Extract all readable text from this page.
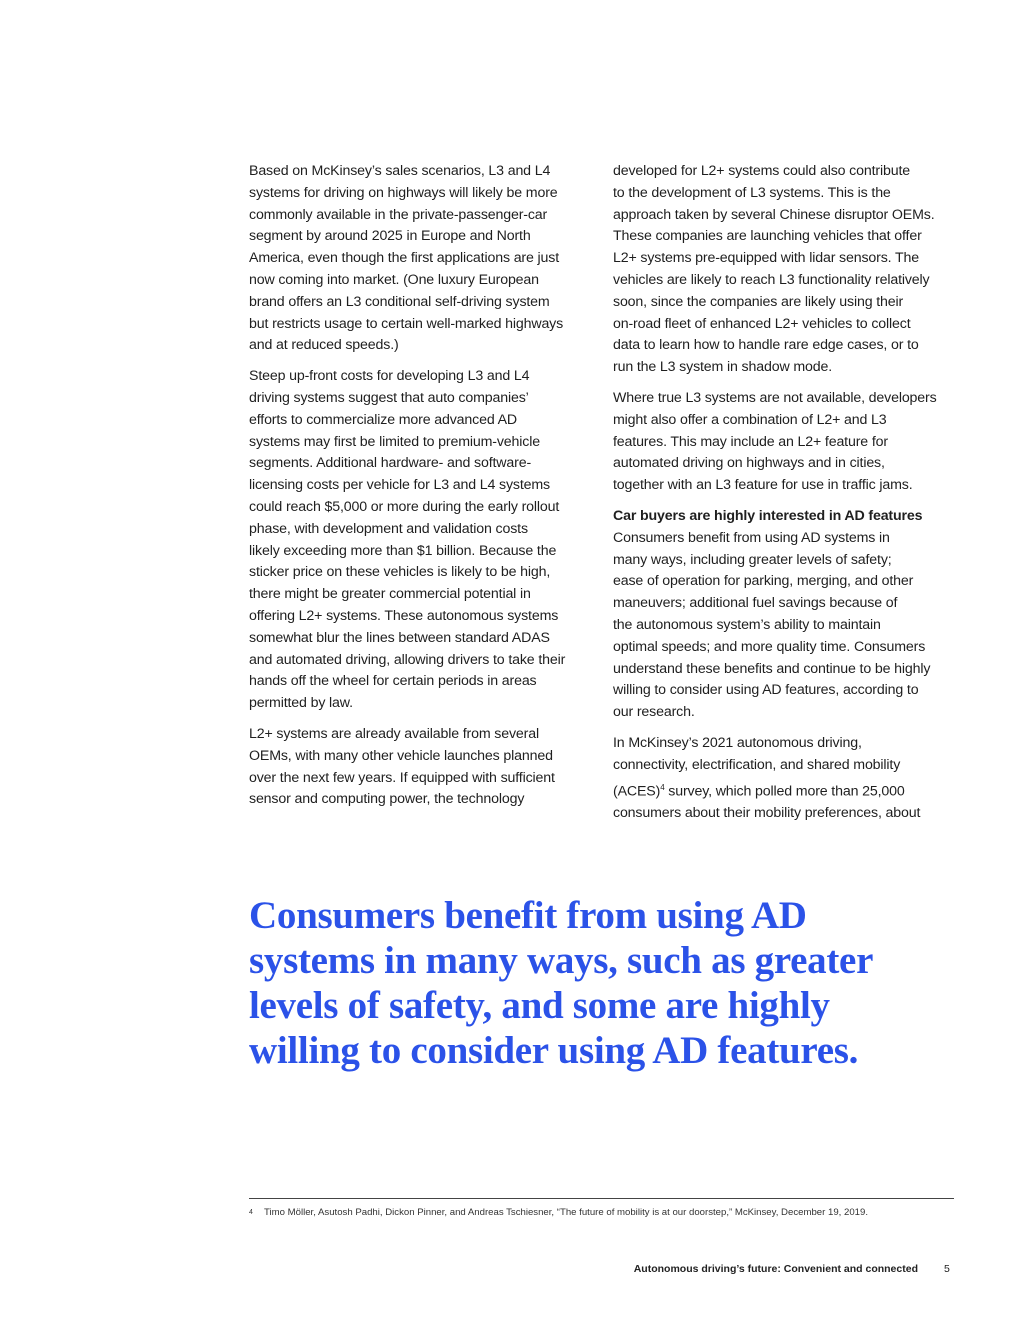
Based on McKinsey’s sales scenarios, L3 and L4
systems for driving on highways will likely be more
commonly available in the private-passenger-car
segment by around 2025 in Europe and North
America, even though the first applications are just
now coming into market. (One luxury European
brand offers an L3 conditional self-driving system
but restricts usage to certain well-marked highways
and at reduced speeds.)

Steep up-front costs for developing L3 and L4
driving systems suggest that auto companies’
efforts to commercialize more advanced AD
systems may first be limited to premium-vehicle
segments. Additional hardware- and software-
licensing costs per vehicle for L3 and L4 systems
could reach $5,000 or more during the early rollout
phase, with development and validation costs
likely exceeding more than $1 billion. Because the
sticker price on these vehicles is likely to be high,
there might be greater commercial potential in
offering L2+ systems. These autonomous systems
somewhat blur the lines between standard ADAS
and automated driving, allowing drivers to take their
hands off the wheel for certain periods in areas
permitted by law.

L2+ systems are already available from several
OEMs, with many other vehicle launches planned
over the next few years. If equipped with sufficient
sensor and computing power, the technology

developed for L2+ systems could also contribute
to the development of L3 systems. This is the
approach taken by several Chinese disruptor OEMs.
These companies are launching vehicles that offer
L2+ systems pre-equipped with lidar sensors. The
vehicles are likely to reach L3 functionality relatively
soon, since the companies are likely using their
on-road fleet of enhanced L2+ vehicles to collect
data to learn how to handle rare edge cases, or to
run the L3 system in shadow mode.

Where true L3 systems are not available, developers
might also offer a combination of L2+ and L3
features. This may include an L2+ feature for
automated driving on highways and in cities,
together with an L3 feature for use in traffic jams.

Car buyers are highly interested in AD features
Consumers benefit from using AD systems in
many ways, including greater levels of safety;
ease of operation for parking, merging, and other
maneuvers; additional fuel savings because of
the autonomous system’s ability to maintain
optimal speeds; and more quality time. Consumers
understand these benefits and continue to be highly
willing to consider using AD features, according to
our research.

In McKinsey’s 2021 autonomous driving,
connectivity, electrification, and shared mobility
(ACES)$^4$ survey, which polled more than 25,000
consumers about their mobility preferences, about

Consumers benefit from using AD
systems in many ways, such as greater
levels of safety, and some are highly
willing to consider using AD features.

$^4$ Timo Möller, Asutosh Padhi, Dickon Pinner, and Andreas Tschiesner, “The future of mobility is at our doorstep,” McKinsey, December 19, 2019.
Autonomous driving’s future: Convenient and connected 5
